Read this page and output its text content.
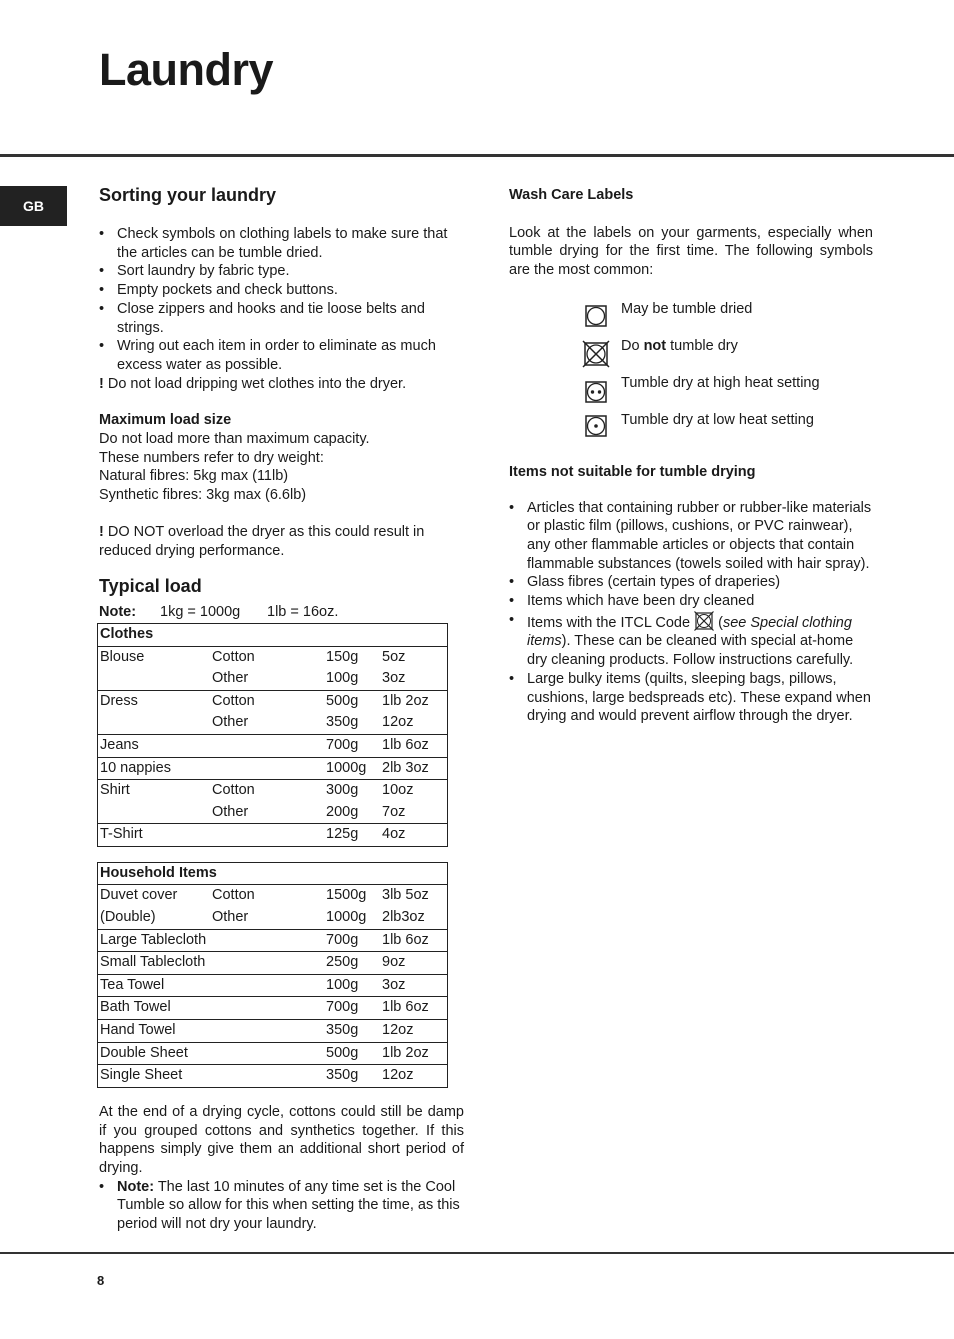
Laundry
GB
Sorting your laundry
• Check symbols on clothing labels to make sure that the articles can be tumble dried.
• Sort laundry by fabric type.
• Empty pockets and check buttons.
• Close zippers and hooks and tie loose belts and strings.
• Wring out each item in order to eliminate as much excess water as possible.

! Do not load dripping wet clothes into the dryer.

Maximum load size

Do not load more than maximum capacity.

These numbers refer to dry weight:

Natural fibres: 5kg max (11lb)

Synthetic fibres: 3kg max (6.6lb)

! DO NOT overload the dryer as this could result in reduced drying performance.

Typical load
Note:	1kg = 1000g	1lb = 16oz.
Clothes			
Blouse	Cotton	150g	5oz
	Other	100g	3oz
Dress	Cotton	500g	1lb 2oz
	Other	350g	12oz
Jeans		700g	1lb 6oz
10 nappies		1000g	2lb 3oz
Shirt	Cotton	300g	10oz
	Other	200g	7oz
T-Shirt		125g	4oz
Household Items			
Duvet cover	Cotton	1500g	3lb 5oz
(Double)	Other	1000g	2lb3oz
Large Tablecloth		700g	1lb 6oz
Small Tablecloth		250g	9oz
Tea Towel		100g	3oz
Bath Towel		700g	1lb 6oz
Hand Towel		350g	12oz
Double Sheet		500g	1lb 2oz
Single Sheet		350g	12oz

At the end of a drying cycle, cottons could still be damp if you grouped cottons and synthetics together. If this happens simply give them an additional short period of drying.

• Note: The last 10 minutes of any time set is the Cool Tumble so allow for this when setting the time, as this period will not dry your laundry.
Wash Care Labels

Look at the labels on your garments, especially when tumble drying for the first time. The following symbols are the most common:

May be tumble dried
Do not tumble dry
Tumble dry at high heat setting
Tumble dry at low heat setting
Items not suitable for tumble drying
• Articles that containing rubber or rubber-like materials or plastic film (pillows, cushions, or PVC rainwear), any other flammable articles or objects that contain flammable substances (towels soiled with hair spray).
• Glass fibres (certain types of draperies)
• Items which have been dry cleaned
• Items with the ITCL Code
(see Special clothing items). These can be cleaned with special at-home dry cleaning products. Follow instructions carefully.
• Large bulky items (quilts, sleeping bags, pillows, cushions, large bedspreads etc). These expand when drying and would prevent airflow through the dryer.
8
